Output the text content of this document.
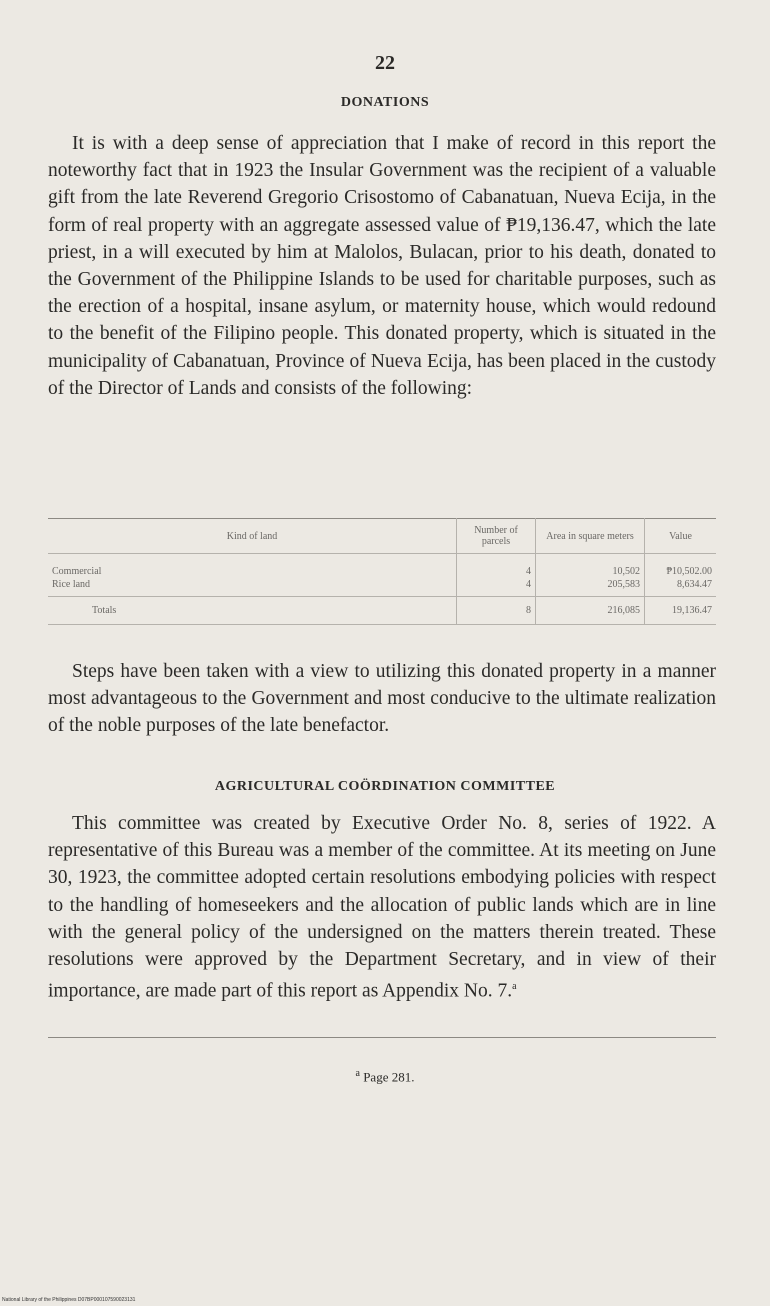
22
DONATIONS

It is with a deep sense of appreciation that I make of record in this report the noteworthy fact that in 1923 the Insular Government was the recipient of a valuable gift from the late Reverend Gregorio Crisostomo of Cabanatuan, Nueva Ecija, in the form of real property with an aggregate assessed value of ₱19,136.47, which the late priest, in a will executed by him at Malolos, Bulacan, prior to his death, donated to the Government of the Philippine Islands to be used for charitable purposes, such as the erection of a hospital, insane asylum, or maternity house, which would redound to the benefit of the Filipino people. This donated property, which is situated in the municipality of Cabanatuan, Province of Nueva Ecija, has been placed in the custody of the Director of Lands and consists of the following:

Kind of land	Number of parcels	Area in square meters	Value
Commercial	4	10,502	₱10,502.00
Rice land	4	205,583	8,634.47
Totals	8	216,085	19,136.47

Steps have been taken with a view to utilizing this donated property in a manner most advantageous to the Government and most conducive to the ultimate realization of the noble purposes of the late benefactor.

AGRICULTURAL COÖRDINATION COMMITTEE

This committee was created by Executive Order No. 8, series of 1922. A representative of this Bureau was a member of the committee. At its meeting on June 30, 1923, the committee adopted certain resolutions embodying policies with respect to the handling of homeseekers and the allocation of public lands which are in line with the general policy of the undersigned on the matters therein treated. These resolutions were approved by the Department Secretary, and in view of their importance, are made part of this report as Appendix No. 7.$^a$

$^a$ Page 281.
National Library of the Philippines D07BP000107590023131
